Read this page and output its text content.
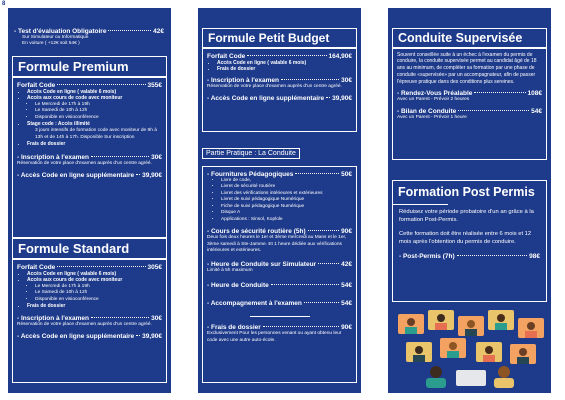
8
- Test d'évaluation Obligatoire	42€
Sur Simulateur ou Informatique
En voiture ( +12€ soit 54€ )
Formule Premium
Forfait Code	355€
• Accès Code en ligne ( valable 6 mois)
• Accès aux cours de code avec moniteur
• Le Mercredi de 17h à 19h
• Le Samedi de 10h à 12h
• Disponible en visioconférence
• Stage code : Accès illimité
3 jours intensifs de formation code avec moniteur de 9h à 13h et de 14h à 17h. Disponible Sur inscription
• Frais de dossier
- Inscription à l'examen	30€
Réservation de votre place d'examen auprès d'un centre agréé.
- Accès Code en ligne supplémentaire 39,90€
Formule Standard
Forfait Code	305€
• Accès Code en ligne ( valable 6 mois)
• Accès aux cours de code avec moniteur
• Le Mercredi de 17h à 19h
• Le Samedi de 10h à 12h
• Disponible en visioconférence
• Frais de dossier
- Inscription à l'examen	30€
Réservation de votre place d'examen auprès d'un centre agréé.
- Accès Code en ligne supplémentaire 39,90€
Formule Petit Budget
Forfait Code	164,90€
• Accès Code en ligne ( valable 6 mois)
• Frais de dossier
- Inscription à l'examen	30€
Réservation de votre place d'examen auprès d'un centre agréé.
- Accès Code en ligne supplémentaire 39,90€
Partie Pratique : La Conduite
- Fournitures Pédagogiques	50€
• Livre de code,
• Livret de sécurité routière
• Livret des vérifications intérieures et extérieures
• Livret de suivi pédagogique Numérique
• Fiche de suivi pédagogique Numérique
• Disque A
• Applications : Sinsol, Koplole
- Cours de sécurité routière (5h)	90€
Deux fois deux heures le 1er et 3ème mercredi au Mans et le 1er, 3ème samedi à Ste-Jamme. Et 1 heure dédiée aux vérifications intérieures et extérieures.
- Heure de Conduite sur Simulateur	42€
Limité à 5h maximum
- Heure de Conduite	54€
- Accompagnement à l'examen	54€
- Frais de dossier	90€
Exclusivement Pour les personnes venant ou ayant obtenu leur code avec une autre auto-école.
Conduite Supervisée
Souvent conseillée suite à un échec à l'examen du permis de conduire, la conduite supervisée permet au candidat âgé de 18 ans au minimum, de compléter sa formation par une phase de conduite «supervisée» par un accompagnateur, afin de passer l'épreuve pratique dans des conditions plus sereines.
- Rendez-Vous Préalable	108€
Avec un Parent - Prévoir 2 heures
- Bilan de Conduite	54€
Avec un Parent - Prévoir 1 heure
Formation Post Permis
Réduisez votre période probatoire d'un an grâce à la formation Post-Permis.
Cette formation doit être réalisée entre 6 mois et 12 mois après l'obtention du permis de conduire.
- Post-Permis (7h)	98€
